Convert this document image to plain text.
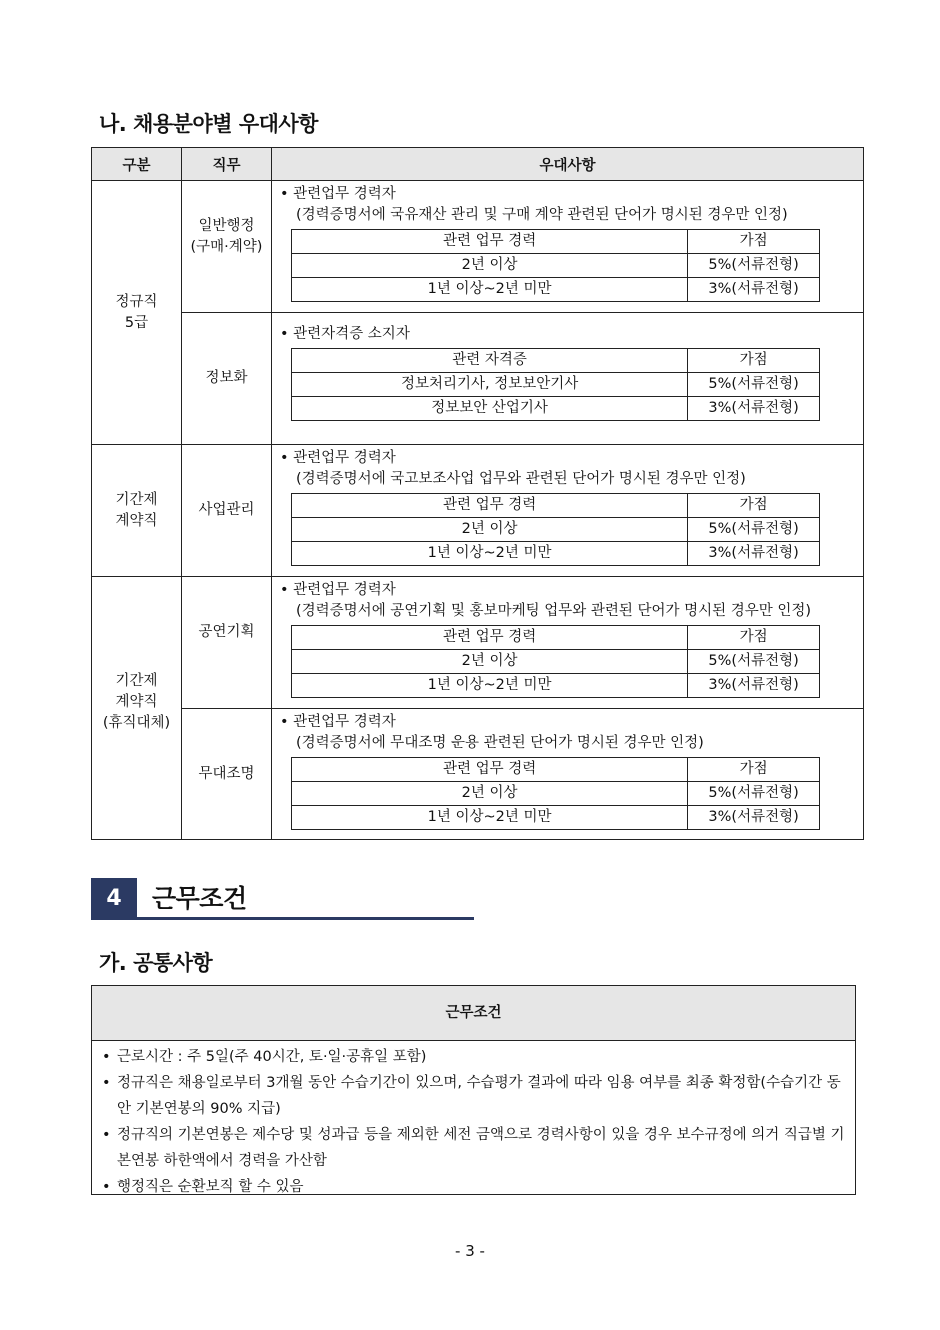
나. 채용분야별 우대사항
구분	직무	우대사항
정규직
5급	일반행정
(구매·계약)	
• 관련업무 경력자
(경력증명서에 국유재산 관리 및 구매 계약 관련된 단어가 명시된 경우만 인정)
관련 업무 경력	가점
2년 이상	5%(서류전형)
1년 이상~2년 미만	3%(서류전형)

정보화	
• 관련자격증 소지자
관련 자격증	가점
정보처리기사, 정보보안기사	5%(서류전형)
정보보안 산업기사	3%(서류전형)

기간제
계약직	사업관리	
• 관련업무 경력자
(경력증명서에 국고보조사업 업무와 관련된 단어가 명시된 경우만 인정)
관련 업무 경력	가점
2년 이상	5%(서류전형)
1년 이상~2년 미만	3%(서류전형)

기간제
계약직
(휴직대체)	공연기획	
• 관련업무 경력자
(경력증명서에 공연기획 및 홍보마케팅 업무와 관련된 단어가 명시된 경우만 인정)
관련 업무 경력	가점
2년 이상	5%(서류전형)
1년 이상~2년 미만	3%(서류전형)

무대조명	
• 관련업무 경력자
(경력증명서에 무대조명 운용 관련된 단어가 명시된 경우만 인정)
관련 업무 경력	가점
2년 이상	5%(서류전형)
1년 이상~2년 미만	3%(서류전형)
4	근무조건
가. 공통사항
근무조건
• 근로시간 : 주 5일(주 40시간, 토·일·공휴일 포함)
• 정규직은 채용일로부터 3개월 동안 수습기간이 있으며, 수습평가 결과에 따라 임용 여부를 최종 확정함(수습기간 동안 기본연봉의 90% 지급)
• 정규직의 기본연봉은 제수당 및 성과급 등을 제외한 세전 금액으로 경력사항이 있을 경우 보수규정에 의거 직급별 기본연봉 하한액에서 경력을 가산함
• 행정직은 순환보직 할 수 있음
- 3 -
